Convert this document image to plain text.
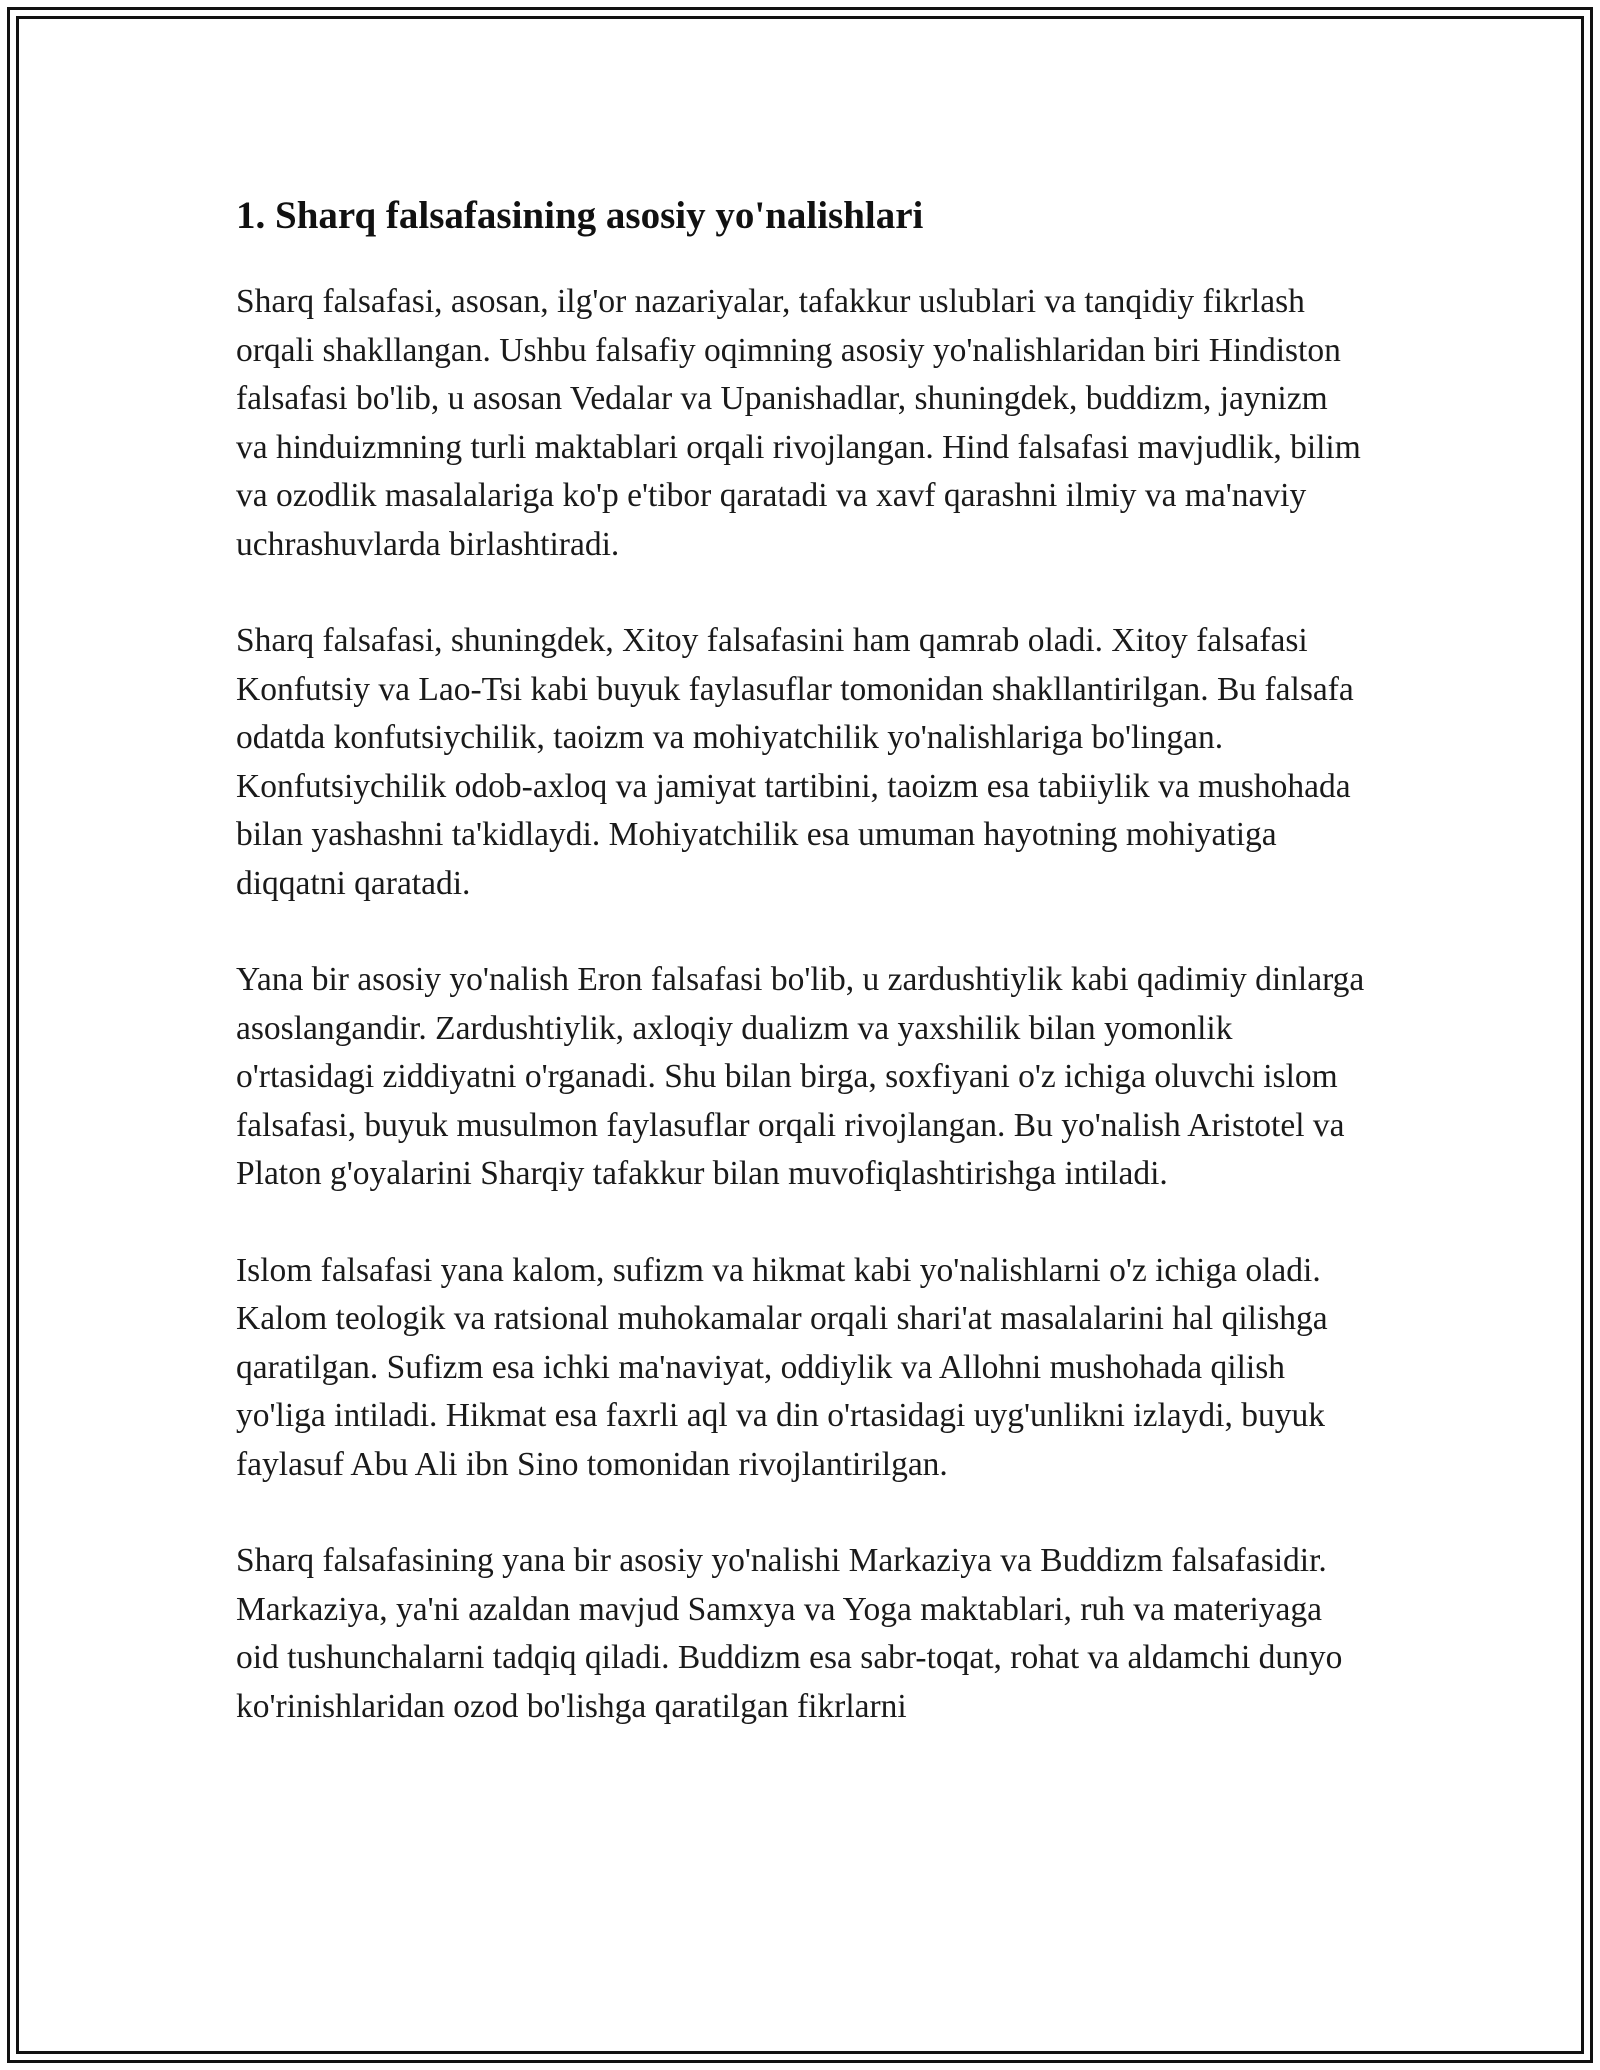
1. Sharq falsafasining asosiy yo'nalishlari

Sharq falsafasi, asosan, ilg'or nazariyalar, tafakkur uslublari va tanqidiy fikrlash orqali shakllangan. Ushbu falsafiy oqimning asosiy yo'nalishlaridan biri Hindiston falsafasi bo'lib, u asosan Vedalar va Upanishadlar, shuningdek, buddizm, jaynizm va hinduizmning turli maktablari orqali rivojlangan. Hind falsafasi mavjudlik, bilim va ozodlik masalalariga ko'p e'tibor qaratadi va xavf qarashni ilmiy va ma'naviy uchrashuvlarda birlashtiradi.

Sharq falsafasi, shuningdek, Xitoy falsafasini ham qamrab oladi. Xitoy falsafasi Konfutsiy va Lao-Tsi kabi buyuk faylasuflar tomonidan shakllantirilgan. Bu falsafa odatda konfutsiychilik, taoizm va mohiyatchilik yo'nalishlariga bo'lingan. Konfutsiychilik odob-axloq va jamiyat tartibini, taoizm esa tabiiylik va mushohada bilan yashashni ta'kidlaydi. Mohiyatchilik esa umuman hayotning mohiyatiga diqqatni qaratadi.

Yana bir asosiy yo'nalish Eron falsafasi bo'lib, u zardushtiylik kabi qadimiy dinlarga asoslangandir. Zardushtiylik, axloqiy dualizm va yaxshilik bilan yomonlik o'rtasidagi ziddiyatni o'rganadi. Shu bilan birga, soxfiyani o'z ichiga oluvchi islom falsafasi, buyuk musulmon faylasuflar orqali rivojlangan. Bu yo'nalish Aristotel va Platon g'oyalarini Sharqiy tafakkur bilan muvofiqlashtirishga intiladi.

Islom falsafasi yana kalom, sufizm va hikmat kabi yo'nalishlarni o'z ichiga oladi. Kalom teologik va ratsional muhokamalar orqali shari'at masalalarini hal qilishga qaratilgan. Sufizm esa ichki ma'naviyat, oddiylik va Allohni mushohada qilish yo'liga intiladi. Hikmat esa faxrli aql va din o'rtasidagi uyg'unlikni izlaydi, buyuk faylasuf Abu Ali ibn Sino tomonidan rivojlantirilgan.

Sharq falsafasining yana bir asosiy yo'nalishi Markaziya va Buddizm falsafasidir. Markaziya, ya'ni azaldan mavjud Samxya va Yoga maktablari, ruh va materiyaga oid tushunchalarni tadqiq qiladi. Buddizm esa sabr-toqat, rohat va aldamchi dunyo ko'rinishlaridan ozod bo'lishga qaratilgan fikrlarni
